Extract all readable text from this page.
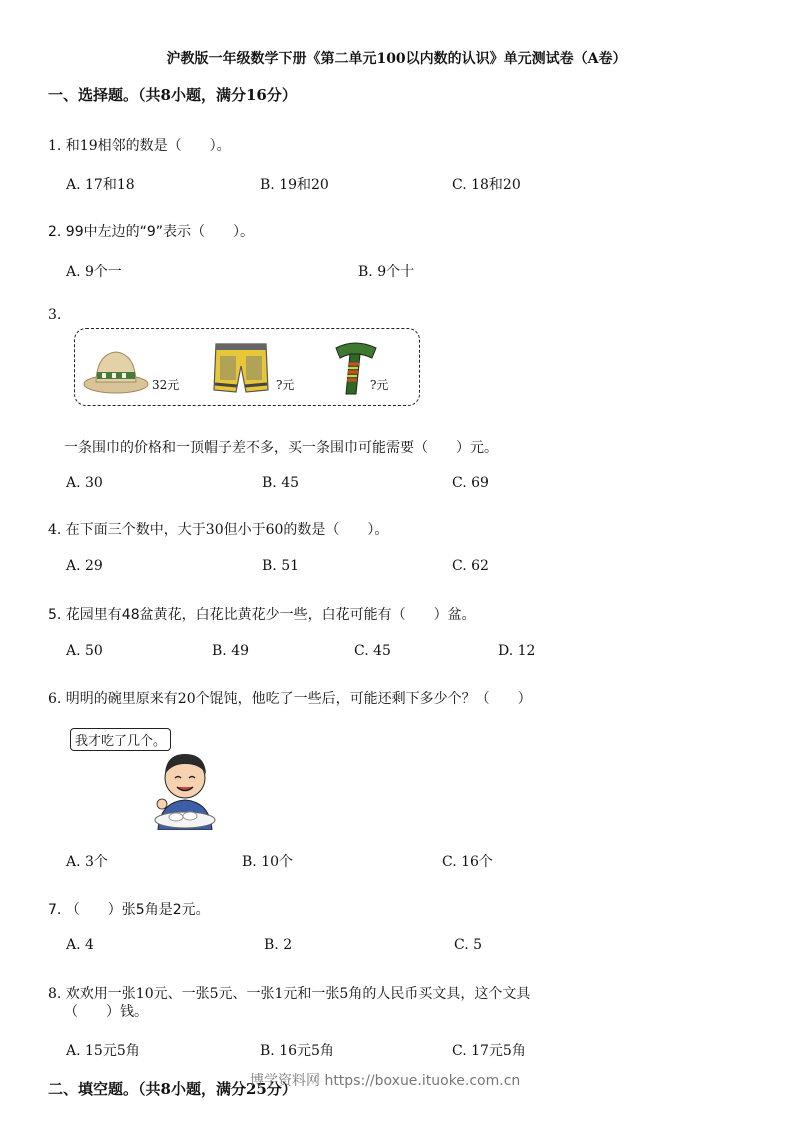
沪教版一年级数学下册《第二单元100以内数的认识》单元测试卷（A卷）
一、选择题。（共8小题，满分16分）
1. 和19相邻的数是（　　）。
A. 17和18	B. 19和20	C. 18和20
2. 99中左边的“9”表示（　　）。
A. 9个一	B. 9个十
3.
32元	?元	?元
一条围巾的价格和一顶帽子差不多，买一条围巾可能需要（　　）元。
A. 30	B. 45	C. 69
4. 在下面三个数中，大于30但小于60的数是（　　）。
A. 29	B. 51	C. 62
5. 花园里有48盆黄花，白花比黄花少一些，白花可能有（　　）盆。
A. 50	B. 49	C. 45	D. 12
6. 明明的碗里原来有20个馄饨，他吃了一些后，可能还剩下多少个？（　　）
我才吃了几个。
A. 3个	B. 10个	C. 16个
7. （　　）张5角是2元。
A. 4	B. 2	C. 5
8. 欢欢用一张10元、一张5元、一张1元和一张5角的人民币买文具，这个文具
（　　）钱。
A. 15元5角	B. 16元5角	C. 17元5角
二、填空题。（共8小题，满分25分）
博学资料网 https://boxue.ituoke.com.cn
